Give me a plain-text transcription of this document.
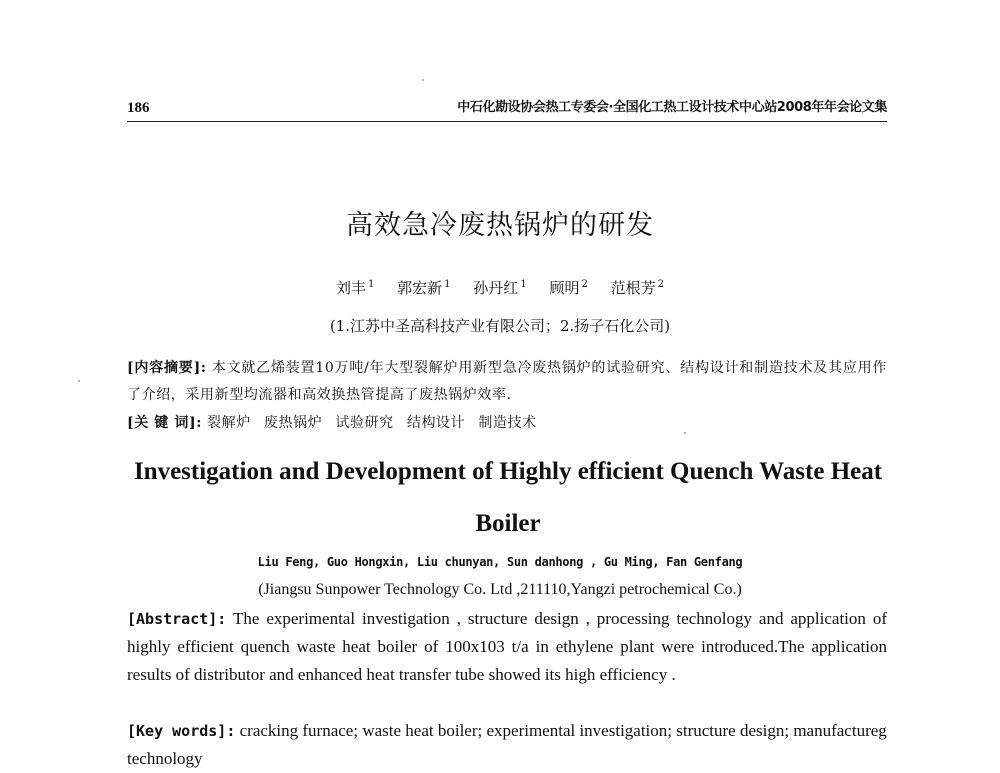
186	中石化勘设协会热工专委会·全国化工热工设计技术中心站2008年年会论文集
高效急冷废热锅炉的研发
刘丰 $^1$ 郭宏新 $^1$ 孙丹红 $^1$ 顾明 $^2$ 范根芳 $^2$
(1.江苏中圣高科技产业有限公司；2.扬子石化公司)
[内容摘要]: 本文就乙烯装置10万吨/年大型裂解炉用新型急冷废热锅炉的试验研究、结构设计和制造技术及其应用作了介绍，采用新型均流器和高效换热管提高了废热锅炉效率.
[关 键 词]: 裂解炉 废热锅炉 试验研究 结构设计 制造技术
Investigation and Development of Highly efficient Quench Waste Heat Boiler
Liu Feng, Guo Hongxin, Liu chunyan, Sun danhong , Gu Ming, Fan Genfang
(Jiangsu Sunpower Technology Co. Ltd ,211110,Yangzi petrochemical Co.)
[Abstract]: The experimental investigation , structure design , processing technology and application of highly efficient quench waste heat boiler of 100x103 t/a in ethylene plant were introduced.The application results of distributor and enhanced heat transfer tube showed its high efficiency .
[Key words]: cracking furnace; waste heat boiler; experimental investigation; structure design; manufactureg technology
